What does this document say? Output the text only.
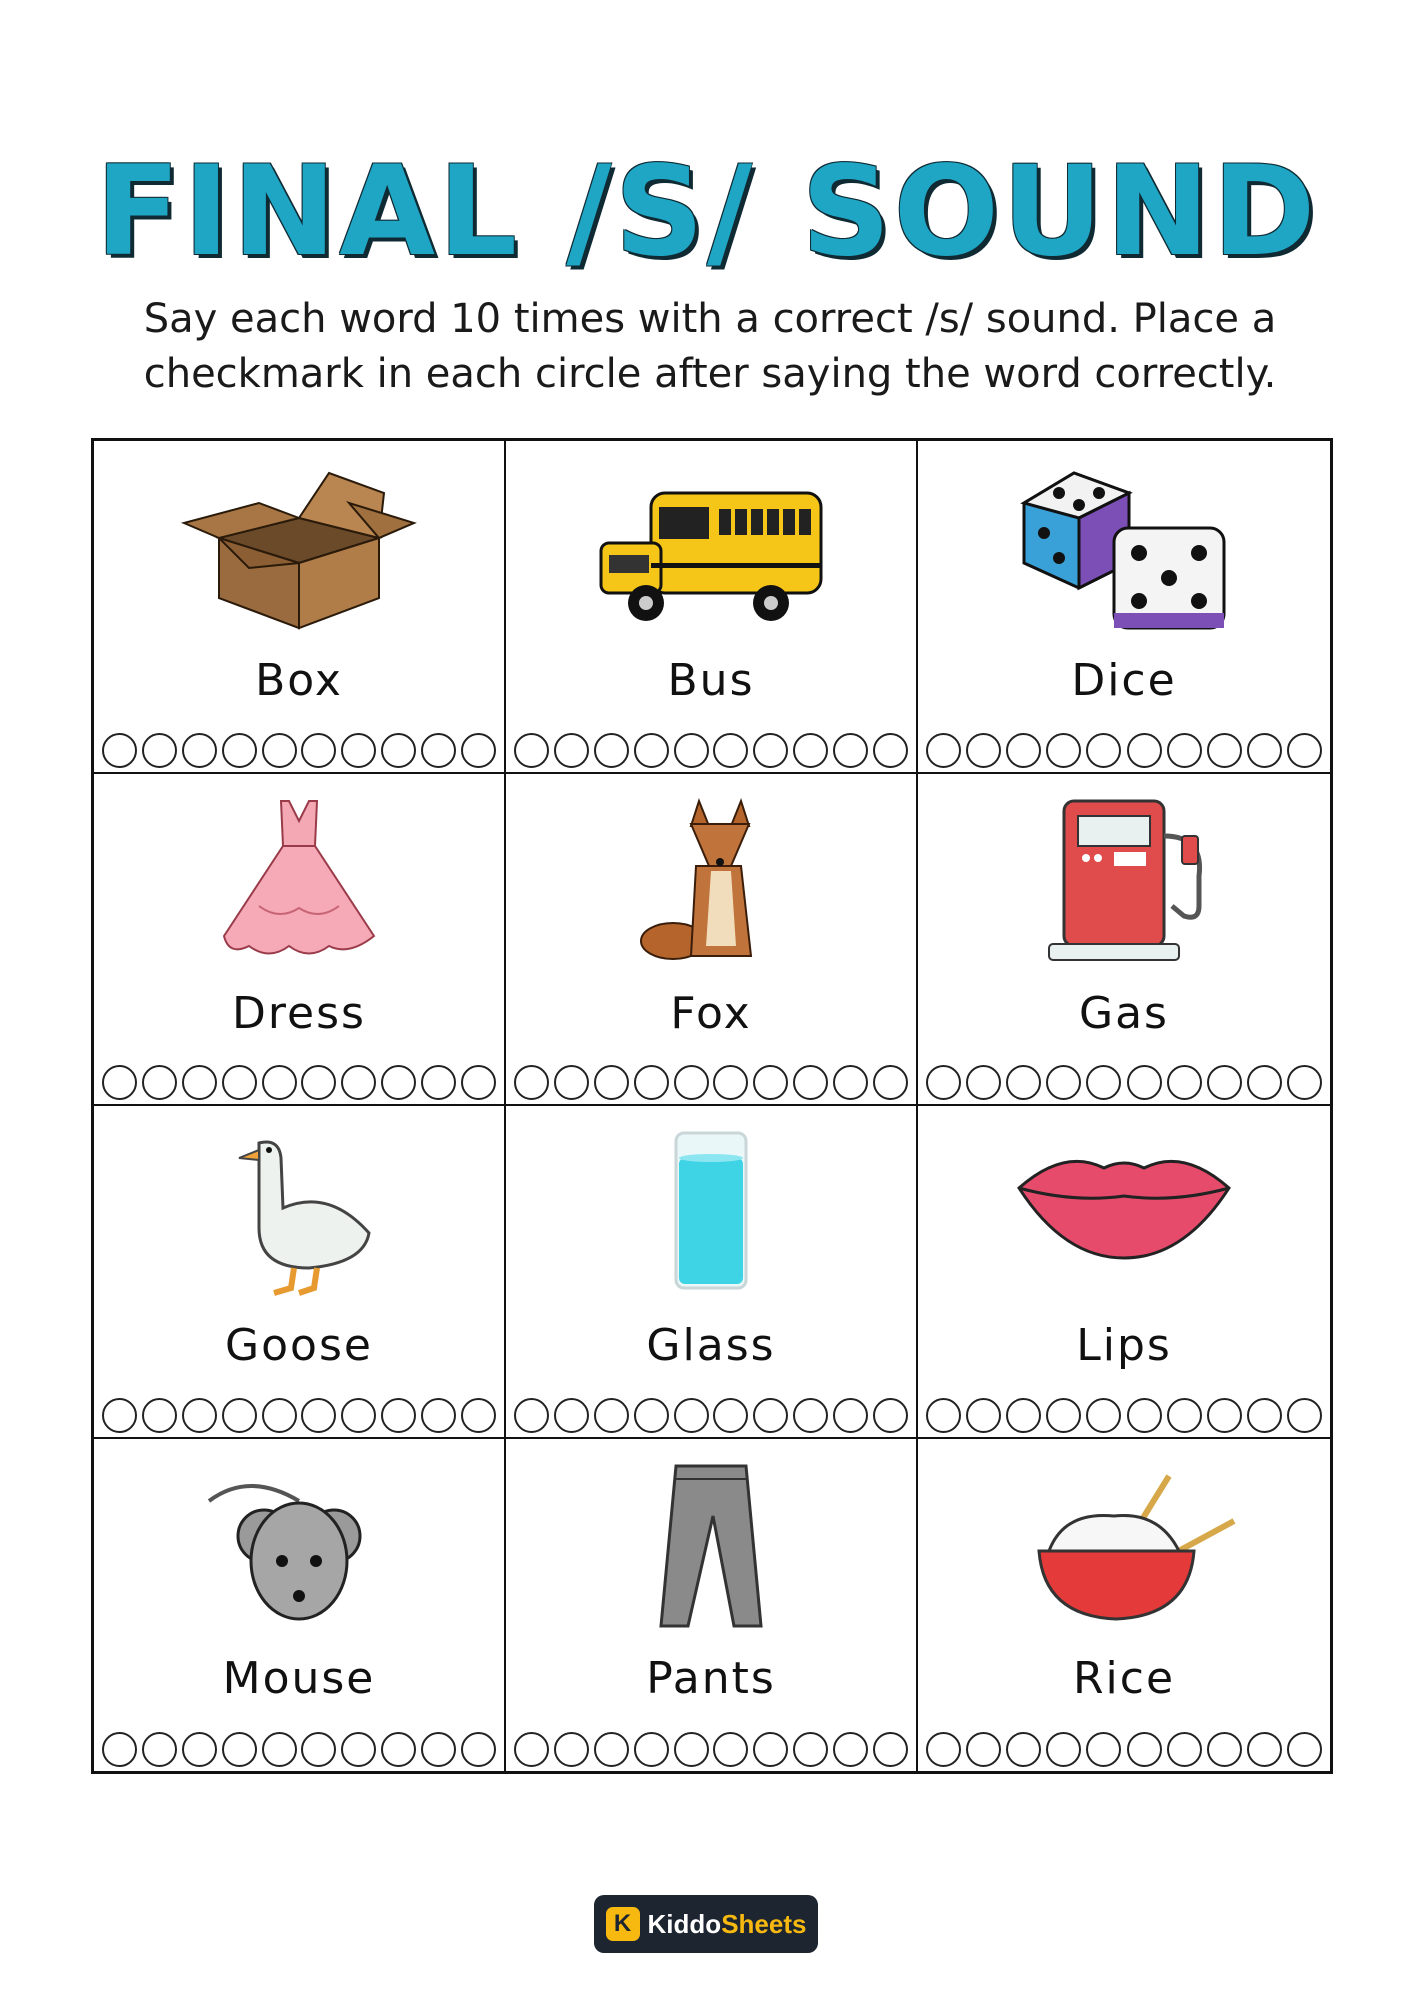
FINAL /S/ SOUND
Say each word 10 times with a correct /s/ sound. Place a
checkmark in each circle after saying the word correctly.
Box	Bus	Dice
Dress	Fox	Gas
Goose	Glass	Lips
Mouse	Pants	Rice
K KiddoSheets
